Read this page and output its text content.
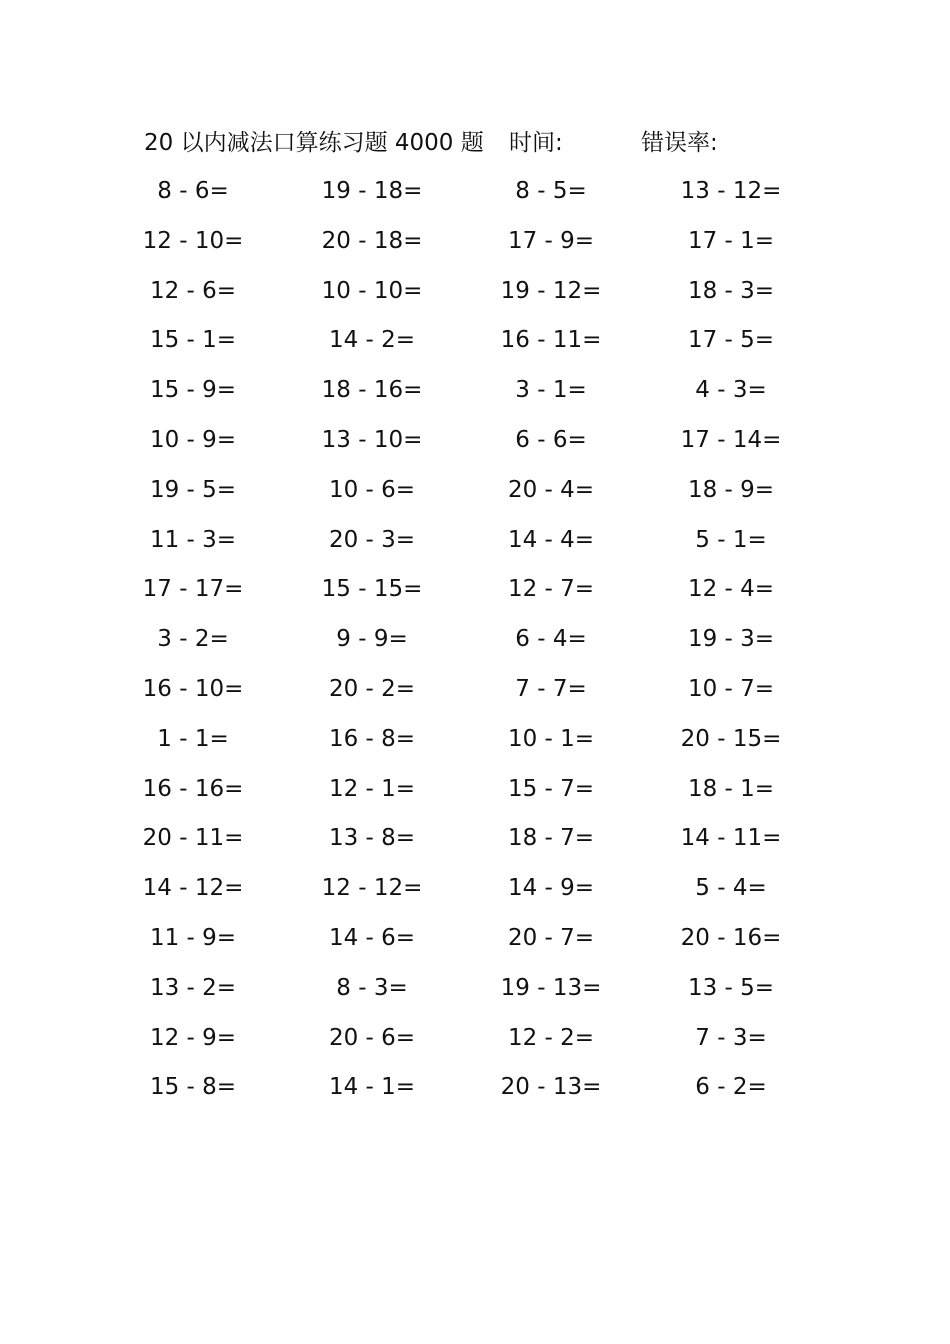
20 以内减法口算练习题 4000 题 时间:	错误率:
8 - 6=	19 - 18=	8 - 5=	13 - 12=
12 - 10=	20 - 18=	17 - 9=	17 - 1=
12 - 6=	10 - 10=	19 - 12=	18 - 3=
15 - 1=	14 - 2=	16 - 11=	17 - 5=
15 - 9=	18 - 16=	3 - 1=	4 - 3=
10 - 9=	13 - 10=	6 - 6=	17 - 14=
19 - 5=	10 - 6=	20 - 4=	18 - 9=
11 - 3=	20 - 3=	14 - 4=	5 - 1=
17 - 17=	15 - 15=	12 - 7=	12 - 4=
3 - 2=	9 - 9=	6 - 4=	19 - 3=
16 - 10=	20 - 2=	7 - 7=	10 - 7=
1 - 1=	16 - 8=	10 - 1=	20 - 15=
16 - 16=	12 - 1=	15 - 7=	18 - 1=
20 - 11=	13 - 8=	18 - 7=	14 - 11=
14 - 12=	12 - 12=	14 - 9=	5 - 4=
11 - 9=	14 - 6=	20 - 7=	20 - 16=
13 - 2=	8 - 3=	19 - 13=	13 - 5=
12 - 9=	20 - 6=	12 - 2=	7 - 3=
15 - 8=	14 - 1=	20 - 13=	6 - 2=
